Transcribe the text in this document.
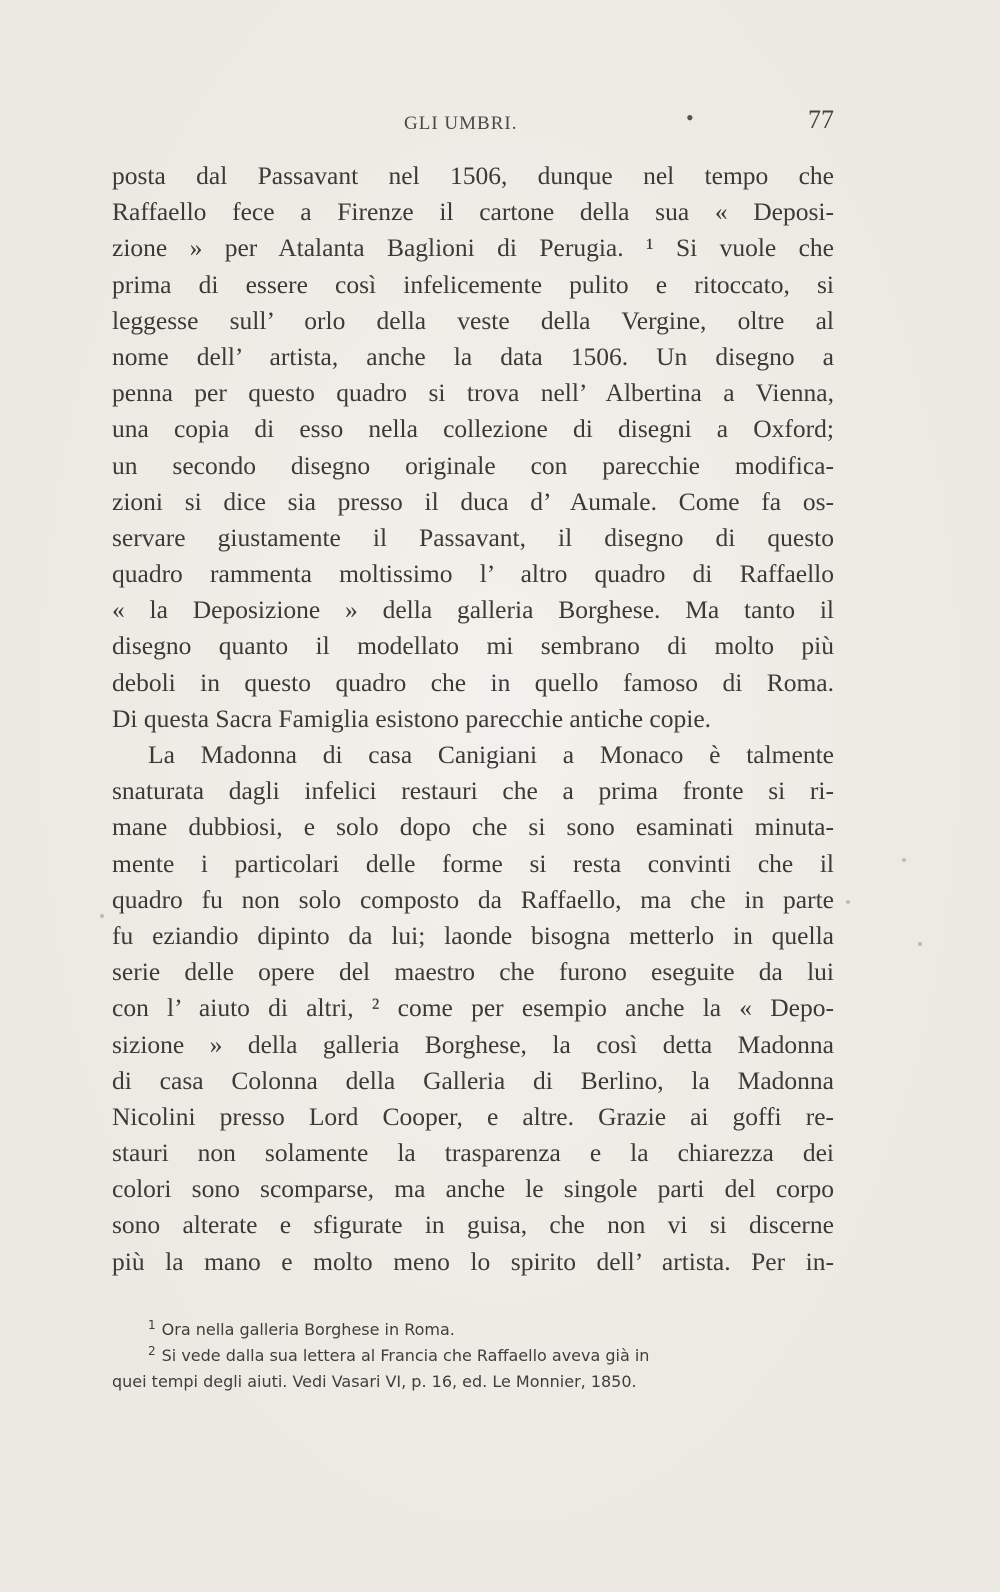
GLI UMBRI.	•	77
posta dal Passavant nel 1506, dunque nel tempo che
Raffaello fece a Firenze il cartone della sua « Deposi-
zione » per Atalanta Baglioni di Perugia. ¹ Si vuole che
prima di essere così infelicemente pulito e ritoccato, si
leggesse sull’ orlo della veste della Vergine, oltre al
nome dell’ artista, anche la data 1506. Un disegno a
penna per questo quadro si trova nell’ Albertina a Vienna,
una copia di esso nella collezione di disegni a Oxford;
un secondo disegno originale con parecchie modifica-
zioni si dice sia presso il duca d’ Aumale. Come fa os-
servare giustamente il Passavant, il disegno di questo
quadro rammenta moltissimo l’ altro quadro di Raffaello
« la Deposizione » della galleria Borghese. Ma tanto il
disegno quanto il modellato mi sembrano di molto più
deboli in questo quadro che in quello famoso di Roma.
Di questa Sacra Famiglia esistono parecchie antiche copie.
La Madonna di casa Canigiani a Monaco è talmente
snaturata dagli infelici restauri che a prima fronte si ri-
mane dubbiosi, e solo dopo che si sono esaminati minuta-
mente i particolari delle forme si resta convinti che il
quadro fu non solo composto da Raffaello, ma che in parte
fu eziandio dipinto da lui; laonde bisogna metterlo in quella
serie delle opere del maestro che furono eseguite da lui
con l’ aiuto di altri, ² come per esempio anche la « Depo-
sizione » della galleria Borghese, la così detta Madonna
di casa Colonna della Galleria di Berlino, la Madonna
Nicolini presso Lord Cooper, e altre. Grazie ai goffi re-
stauri non solamente la trasparenza e la chiarezza dei
colori sono scomparse, ma anche le singole parti del corpo
sono alterate e sfigurate in guisa, che non vi si discerne
più la mano e molto meno lo spirito dell’ artista. Per in-
$^1$ Ora nella galleria Borghese in Roma.
$^2$ Si vede dalla sua lettera al Francia che Raffaello aveva già in
quei tempi degli aiuti. Vedi Vasari VI, p. 16, ed. Le Monnier, 1850.
